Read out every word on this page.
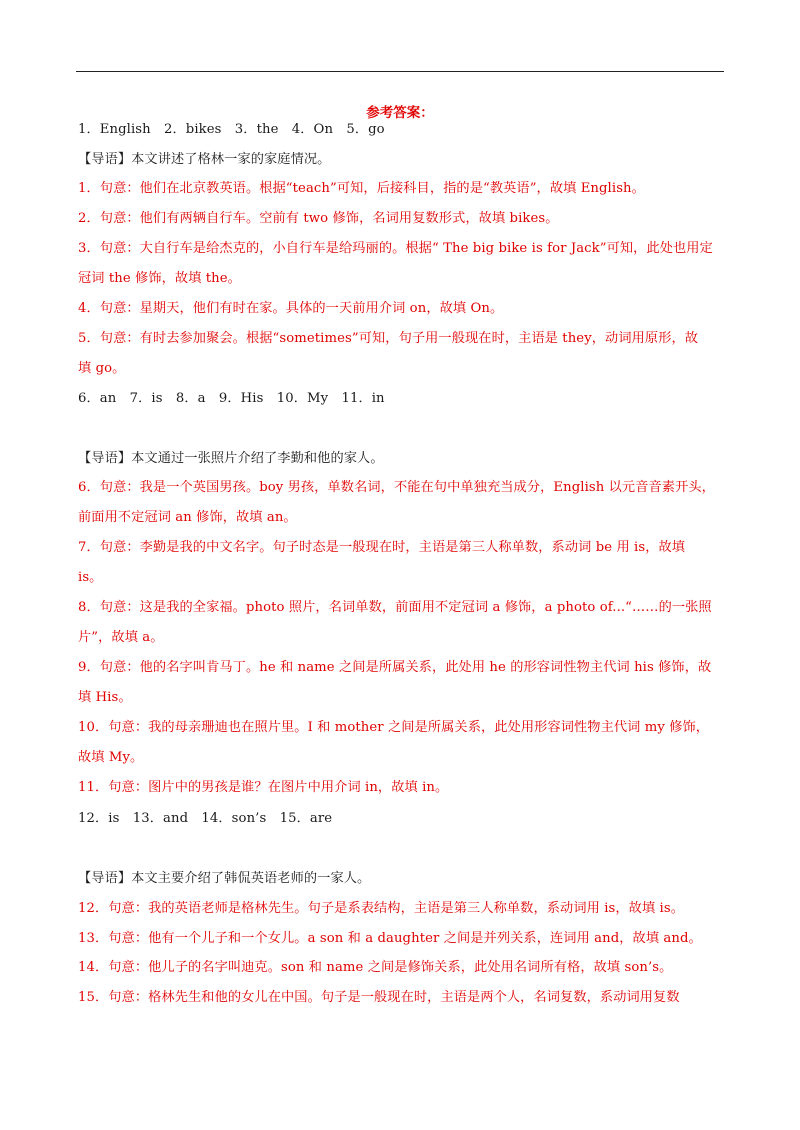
参考答案：
1．English　2．bikes　3．the　4．On　5．go
【导语】本文讲述了格林一家的家庭情况。
1．句意：他们在北京教英语。根据“teach”可知，后接科目，指的是“教英语”，故填 English。
2．句意：他们有两辆自行车。空前有 two 修饰，名词用复数形式，故填 bikes。
3．句意：大自行车是给杰克的，小自行车是给玛丽的。根据“ The big bike is for Jack”可知，此处也用定
冠词 the 修饰，故填 the。
4．句意：星期天，他们有时在家。具体的一天前用介词 on，故填 On。
5．句意：有时去参加聚会。根据“sometimes”可知，句子用一般现在时，主语是 they，动词用原形，故
填 go。
6．an　7．is　8．a　9．His　10．My　11．in
【导语】本文通过一张照片介绍了李勤和他的家人。
6．句意：我是一个英国男孩。boy 男孩，单数名词，不能在句中单独充当成分，English 以元音音素开头，
前面用不定冠词 an 修饰，故填 an。
7．句意：李勤是我的中文名字。句子时态是一般现在时，主语是第三人称单数，系动词 be 用 is，故填
is。
8．句意：这是我的全家福。photo 照片，名词单数，前面用不定冠词 a 修饰，a photo of...“……的一张照
片”，故填 a。
9．句意：他的名字叫肯马丁。he 和 name 之间是所属关系，此处用 he 的形容词性物主代词 his 修饰，故
填 His。
10．句意：我的母亲珊迪也在照片里。I 和 mother 之间是所属关系，此处用形容词性物主代词 my 修饰，
故填 My。
11．句意：图片中的男孩是谁？在图片中用介词 in，故填 in。
12．is　13．and　14．son’s　15．are
【导语】本文主要介绍了韩侃英语老师的一家人。
12．句意：我的英语老师是格林先生。句子是系表结构，主语是第三人称单数，系动词用 is，故填 is。
13．句意：他有一个儿子和一个女儿。a son 和 a daughter 之间是并列关系，连词用 and，故填 and。
14．句意：他儿子的名字叫迪克。son 和 name 之间是修饰关系，此处用名词所有格，故填 son’s。
15．句意：格林先生和他的女儿在中国。句子是一般现在时，主语是两个人，名词复数，系动词用复数
